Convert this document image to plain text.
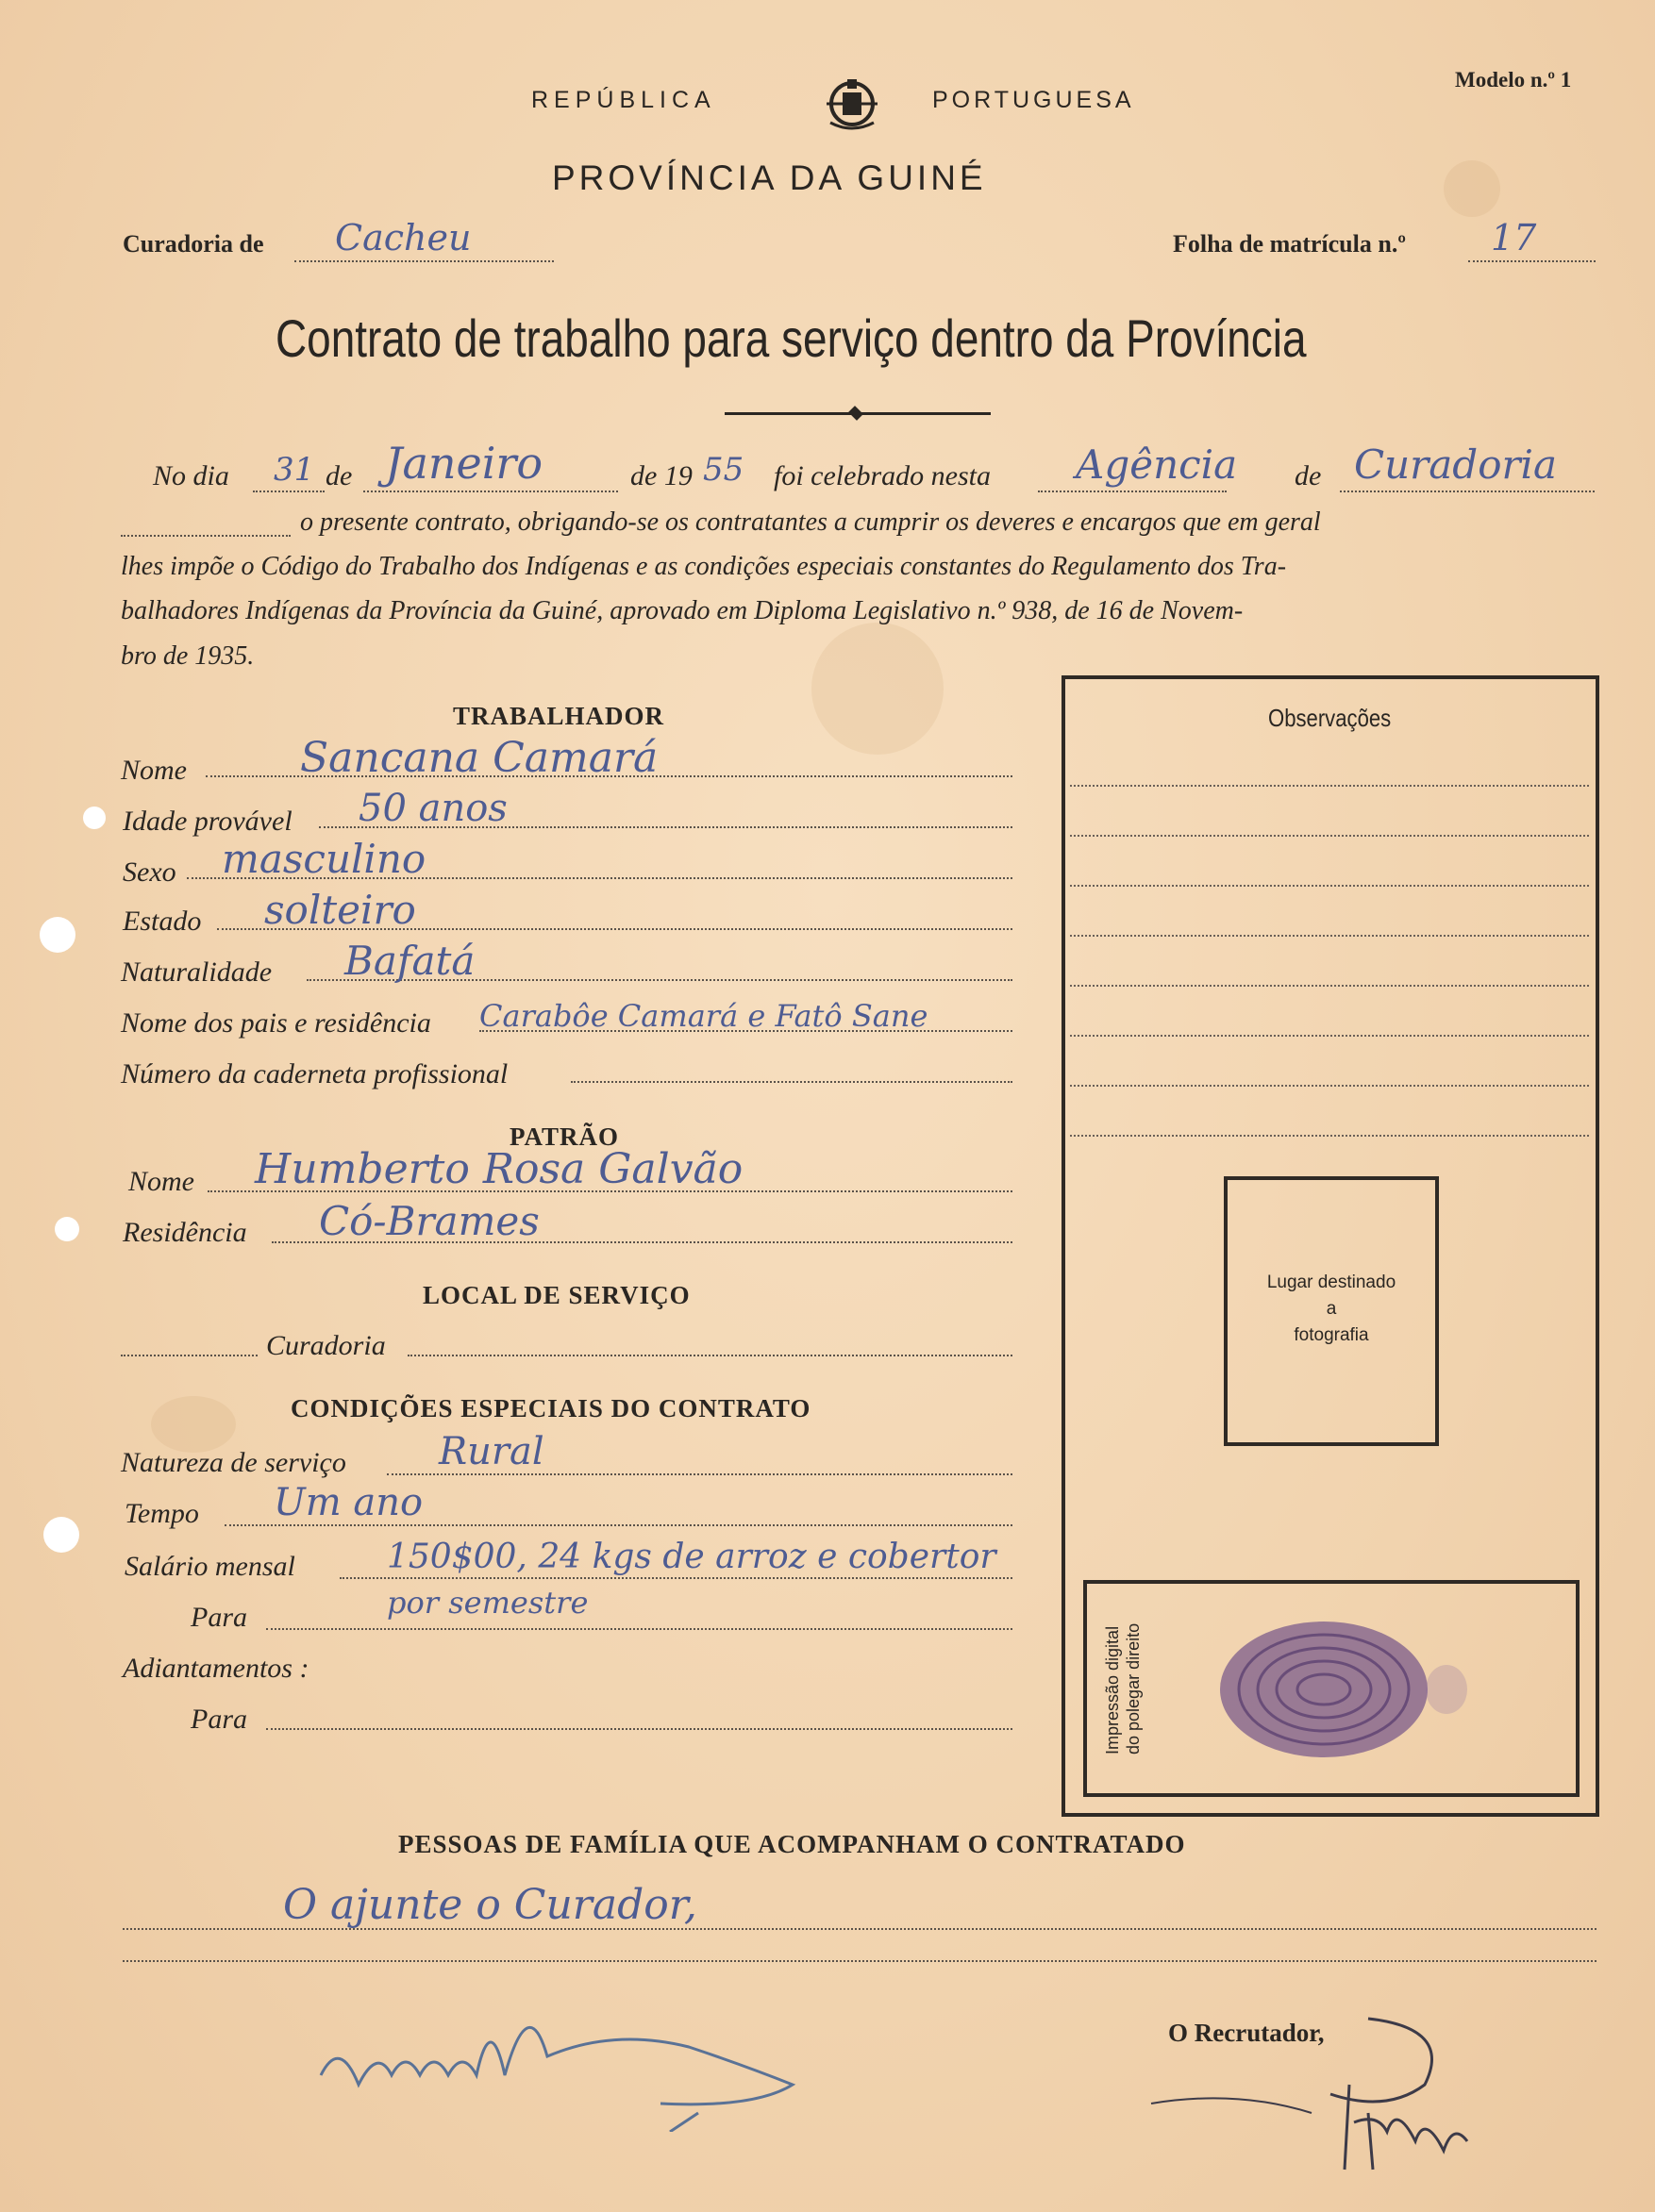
REPÚBLICA	PORTUGUESA
Modelo n.º 1
PROVÍNCIA DA GUINÉ
Curadoria de Cacheu	Folha de matrícula n.º 17
Contrato de trabalho para serviço dentro da Província
No dia 31 de Janeiro	de 19 55 foi celebrado nesta Agência de Curadoria
o presente contrato, obrigando-se os contratantes a cumprir os deveres e encargos que em geral
lhes impõe o Código do Trabalho dos Indígenas e as condições especiais constantes do Regulamento dos Tra-
balhadores Indígenas da Província da Guiné, aprovado em Diploma Legislativo n.º 938, de 16 de Novem-
bro de 1935.
TRABALHADOR
Nome	Sancana Camará
Idade provável 50 anos
Sexo masculino
Estado solteiro
Naturalidade Bafatá
Nome dos pais e residência Carabôe Camará e Fatô Sane
Número da caderneta profissional
PATRÃO
Nome Humberto Rosa Galvão
Residência Có-Brames
LOCAL DE SERVIÇO
Curadoria
CONDIÇÕES ESPECIAIS DO CONTRATO
Natureza de serviço Rural
Tempo Um ano
Salário mensal	150$00, 24 kgs de arroz e cobertor
Para	por semestre
Adiantamentos :
Para
Observações
Lugar destinado
a
fotografia
Impressão digital do polegar direito
PESSOAS DE FAMÍLIA QUE ACOMPANHAM O CONTRATADO
O ajunte o Curador,
O Recrutador,
